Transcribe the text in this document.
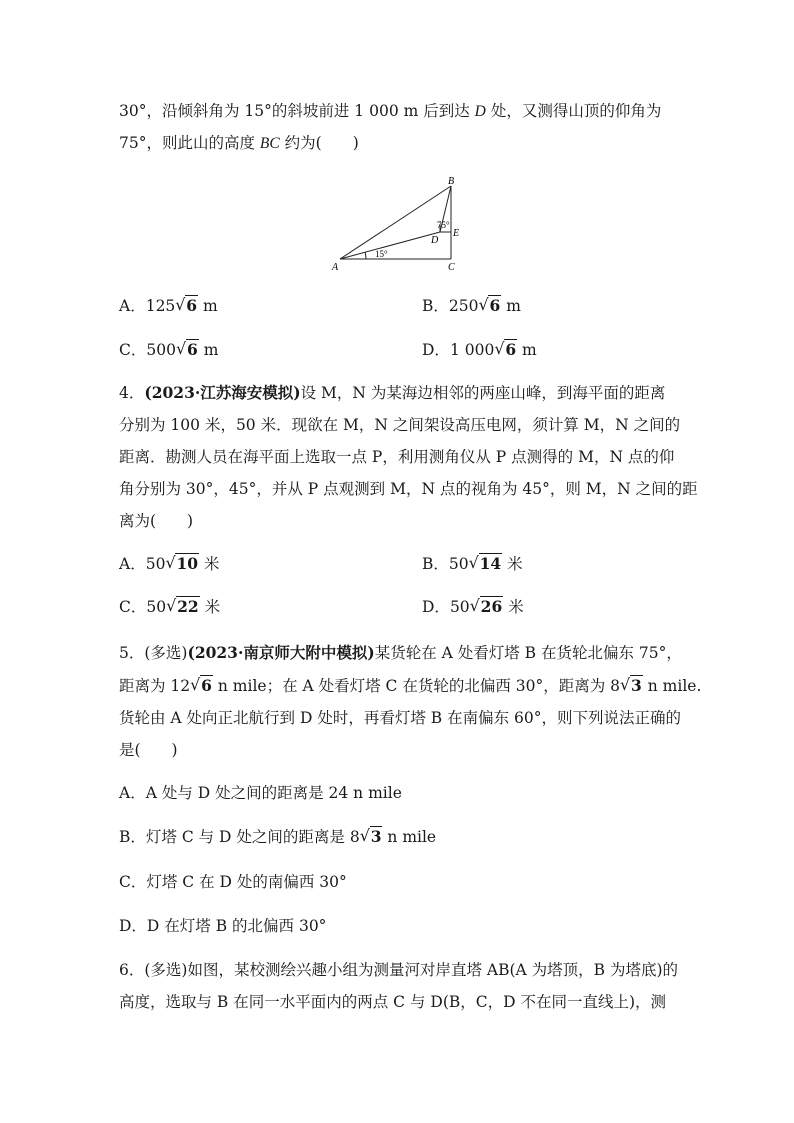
30°，沿倾斜角为 15°的斜坡前进 1 000 m 后到达 D 处，又测得山顶的仰角为
75°，则此山的高度 BC 约为(　　)
A
B
C
D
E
15°
75°
A．125 √ 6 m	B．250 √ 6 m
C．500 √ 6 m	D．1 000 √ 6 m
4．(2023·江苏海安模拟)设 M，N 为某海边相邻的两座山峰，到海平面的距离
分别为 100 米，50 米．现欲在 M，N 之间架设高压电网，须计算 M，N 之间的
距离．勘测人员在海平面上选取一点 P，利用测角仪从 P 点测得的 M，N 点的仰
角分别为 30°，45°，并从 P 点观测到 M，N 点的视角为 45°，则 M，N 之间的距
离为(　　)
A．50 √ 10 米	B．50 √ 14 米
C．50 √ 22 米	D．50 √ 26 米
5．(多选)(2023·南京师大附中模拟)某货轮在 A 处看灯塔 B 在货轮北偏东 75°，
距离为 12 √ 6 n mile；在 A 处看灯塔 C 在货轮的北偏西 30°，距离为 8 √ 3 n mile.
货轮由 A 处向正北航行到 D 处时，再看灯塔 B 在南偏东 60°，则下列说法正确的
是(　　)
A．A 处与 D 处之间的距离是 24 n mile
B．灯塔 C 与 D 处之间的距离是 8 √ 3 n mile
C．灯塔 C 在 D 处的南偏西 30°
D．D 在灯塔 B 的北偏西 30°
6．(多选)如图，某校测绘兴趣小组为测量河对岸直塔 AB(A 为塔顶，B 为塔底)的
高度，选取与 B 在同一水平面内的两点 C 与 D(B，C，D 不在同一直线上)，测
